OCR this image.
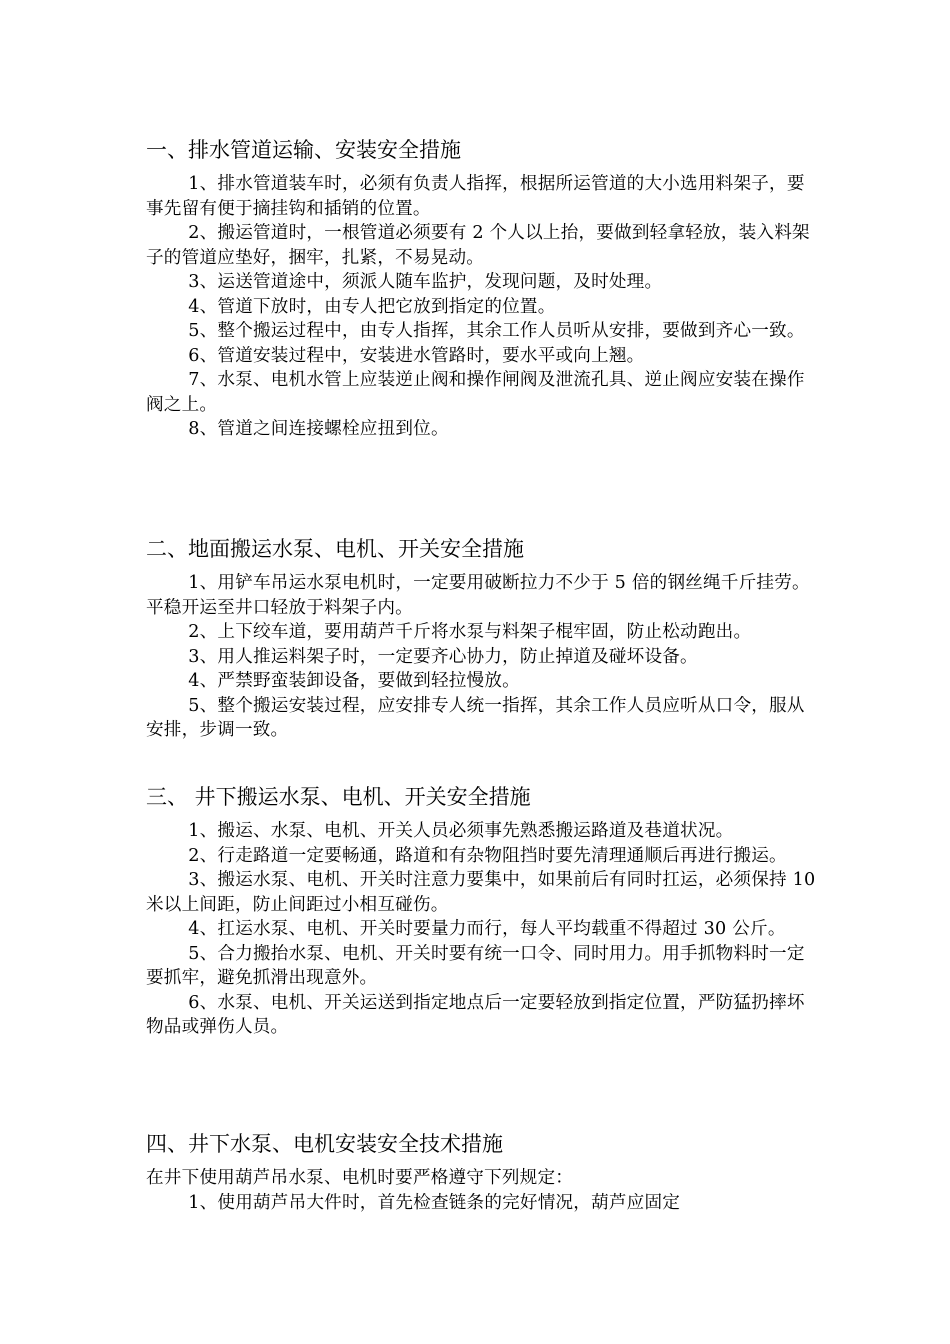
一、排水管道运输、安装安全措施

1、排水管道装车时，必须有负责人指挥，根据所运管道的大小选用料架子，要事先留有便于摘挂钩和插销的位置。

2、搬运管道时，一根管道必须要有 2 个人以上抬，要做到轻拿轻放，装入料架子的管道应垫好，捆牢，扎紧，不易晃动。

3、运送管道途中，须派人随车监护，发现问题，及时处理。

4、管道下放时，由专人把它放到指定的位置。

5、整个搬运过程中，由专人指挥，其余工作人员听从安排，要做到齐心一致。

6、管道安装过程中，安装进水管路时，要水平或向上翘。

7、水泵、电机水管上应装逆止阀和操作闸阀及泄流孔具、逆止阀应安装在操作阀之上。

8、管道之间连接螺栓应扭到位。

二、地面搬运水泵、电机、开关安全措施

1、用铲车吊运水泵电机时，一定要用破断拉力不少于 5 倍的钢丝绳千斤挂劳。平稳开运至井口轻放于料架子内。

2、上下绞车道，要用葫芦千斤将水泵与料架子棍牢固，防止松动跑出。

3、用人推运料架子时，一定要齐心协力，防止掉道及碰坏设备。

4、严禁野蛮装卸设备，要做到轻拉慢放。

5、整个搬运安装过程，应安排专人统一指挥，其余工作人员应听从口令，服从安排，步调一致。

三、 井下搬运水泵、电机、开关安全措施

1、搬运、水泵、电机、开关人员必须事先熟悉搬运路道及巷道状况。

2、行走路道一定要畅通，路道和有杂物阻挡时要先清理通顺后再进行搬运。

3、搬运水泵、电机、开关时注意力要集中，如果前后有同时扛运，必须保持 10 米以上间距，防止间距过小相互碰伤。

4、扛运水泵、电机、开关时要量力而行，每人平均载重不得超过 30 公斤。

5、合力搬抬水泵、电机、开关时要有统一口令、同时用力。用手抓物料时一定要抓牢，避免抓滑出现意外。

6、水泵、电机、开关运送到指定地点后一定要轻放到指定位置，严防猛扔摔坏物品或弹伤人员。

四、井下水泵、电机安装安全技术措施

在井下使用葫芦吊水泵、电机时要严格遵守下列规定：

1、使用葫芦吊大件时，首先检查链条的完好情况，葫芦应固定
